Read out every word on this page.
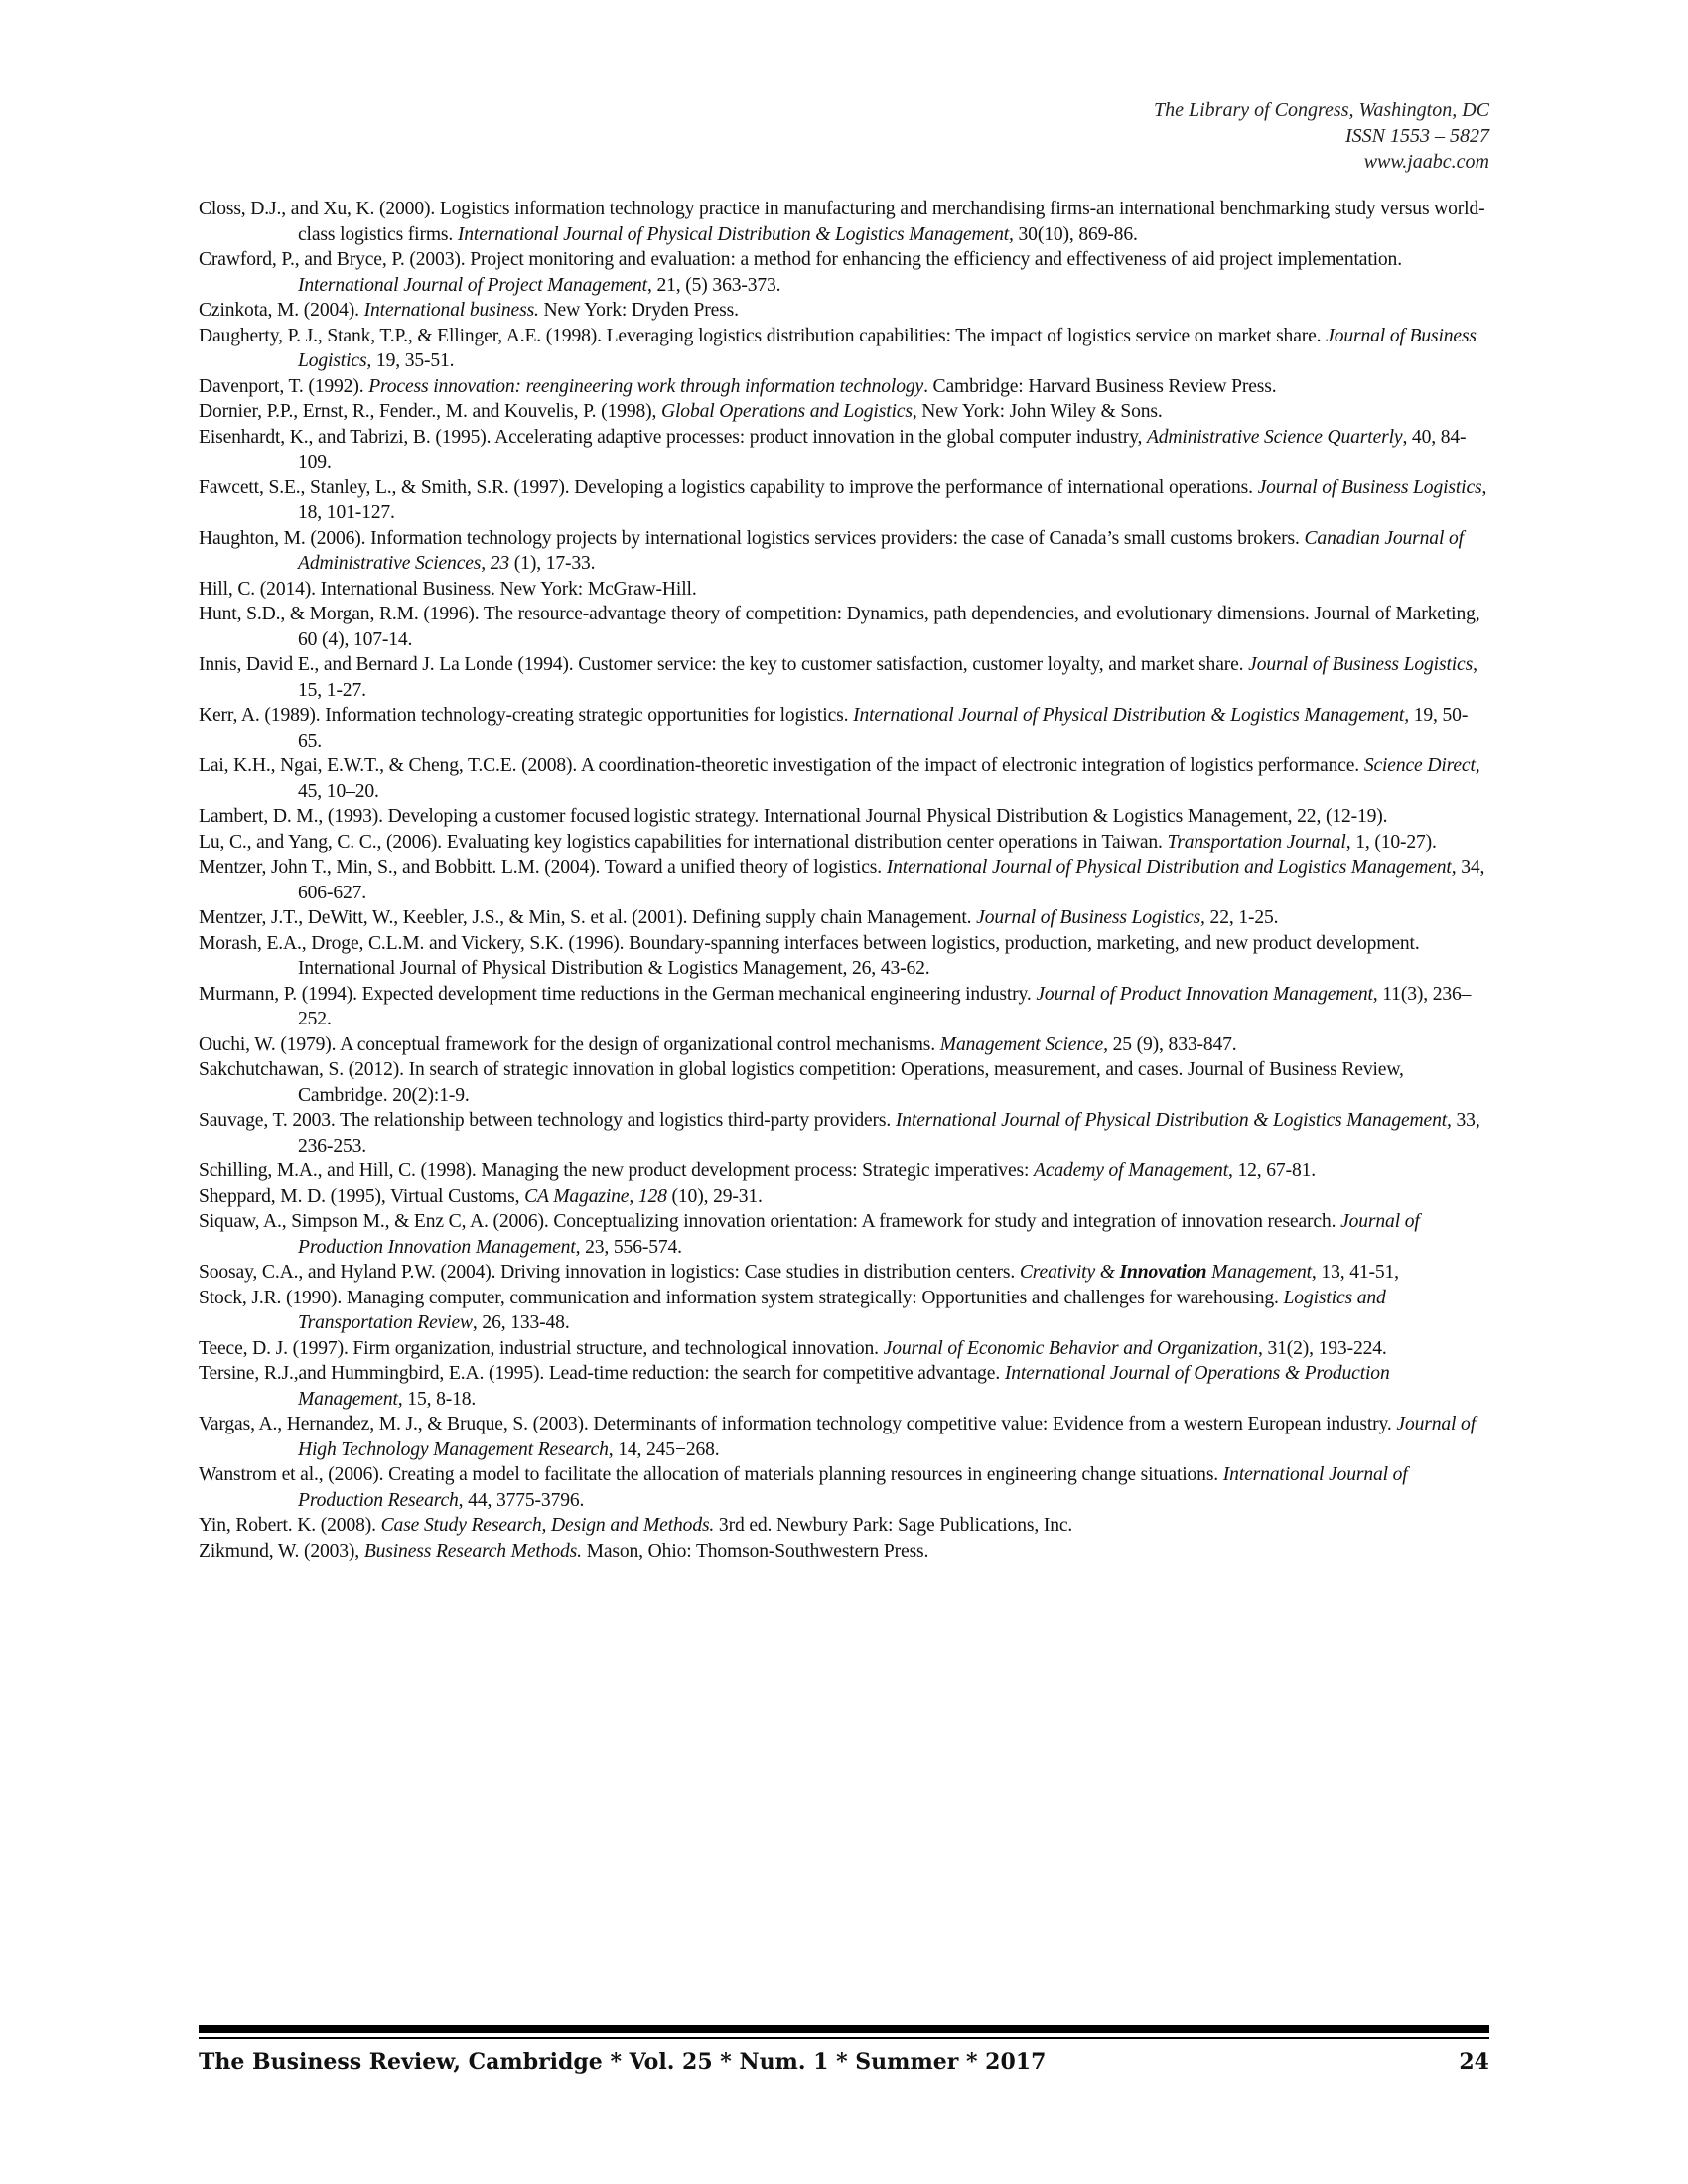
The Library of Congress, Washington, DC
ISSN 1553 – 5827
www.jaabc.com

Closs, D.J., and Xu, K. (2000). Logistics information technology practice in manufacturing and merchandising firms-an international benchmarking study versus world-class logistics firms. International Journal of Physical Distribution & Logistics Management, 30(10), 869-86.

Crawford, P., and Bryce, P. (2003). Project monitoring and evaluation: a method for enhancing the efficiency and effectiveness of aid project implementation. International Journal of Project Management, 21, (5) 363-373.

Czinkota, M. (2004). International business. New York: Dryden Press.

Daugherty, P. J., Stank, T.P., & Ellinger, A.E. (1998). Leveraging logistics distribution capabilities: The impact of logistics service on market share. Journal of Business Logistics, 19, 35-51.

Davenport, T. (1992). Process innovation: reengineering work through information technology. Cambridge: Harvard Business Review Press.

Dornier, P.P., Ernst, R., Fender., M. and Kouvelis, P. (1998), Global Operations and Logistics, New York: John Wiley & Sons.

Eisenhardt, K., and Tabrizi, B. (1995). Accelerating adaptive processes: product innovation in the global computer industry, Administrative Science Quarterly, 40, 84-109.

Fawcett, S.E., Stanley, L., & Smith, S.R. (1997). Developing a logistics capability to improve the performance of international operations. Journal of Business Logistics, 18, 101-127.

Haughton, M. (2006). Information technology projects by international logistics services providers: the case of Canada’s small customs brokers. Canadian Journal of Administrative Sciences, 23 (1), 17-33.

Hill, C. (2014). International Business. New York: McGraw-Hill.

Hunt, S.D., & Morgan, R.M. (1996). The resource-advantage theory of competition: Dynamics, path dependencies, and evolutionary dimensions. Journal of Marketing, 60 (4), 107-14.

Innis, David E., and Bernard J. La Londe (1994). Customer service: the key to customer satisfaction, customer loyalty, and market share. Journal of Business Logistics, 15, 1-27.

Kerr, A. (1989). Information technology-creating strategic opportunities for logistics. International Journal of Physical Distribution & Logistics Management, 19, 50-65.

Lai, K.H., Ngai, E.W.T., & Cheng, T.C.E. (2008). A coordination-theoretic investigation of the impact of electronic integration of logistics performance. Science Direct, 45, 10–20.

Lambert, D. M., (1993). Developing a customer focused logistic strategy. International Journal Physical Distribution & Logistics Management, 22, (12-19).

Lu, C., and Yang, C. C., (2006). Evaluating key logistics capabilities for international distribution center operations in Taiwan. Transportation Journal, 1, (10-27).

Mentzer, John T., Min, S., and Bobbitt. L.M. (2004). Toward a unified theory of logistics. International Journal of Physical Distribution and Logistics Management, 34, 606-627.

Mentzer, J.T., DeWitt, W., Keebler, J.S., & Min, S. et al. (2001). Defining supply chain Management. Journal of Business Logistics, 22, 1-25.

Morash, E.A., Droge, C.L.M. and Vickery, S.K. (1996). Boundary-spanning interfaces between logistics, production, marketing, and new product development. International Journal of Physical Distribution & Logistics Management, 26, 43-62.

Murmann, P. (1994). Expected development time reductions in the German mechanical engineering industry. Journal of Product Innovation Management, 11(3), 236–252.

Ouchi, W. (1979). A conceptual framework for the design of organizational control mechanisms. Management Science, 25 (9), 833-847.

Sakchutchawan, S. (2012). In search of strategic innovation in global logistics competition: Operations, measurement, and cases. Journal of Business Review, Cambridge. 20(2):1-9.

Sauvage, T. 2003. The relationship between technology and logistics third-party providers. International Journal of Physical Distribution & Logistics Management, 33, 236-253.

Schilling, M.A., and Hill, C. (1998). Managing the new product development process: Strategic imperatives: Academy of Management, 12, 67-81.

Sheppard, M. D. (1995), Virtual Customs, CA Magazine, 128 (10), 29-31.

Siquaw, A., Simpson M., & Enz C, A. (2006). Conceptualizing innovation orientation: A framework for study and integration of innovation research. Journal of Production Innovation Management, 23, 556-574.

Soosay, C.A., and Hyland P.W. (2004). Driving innovation in logistics: Case studies in distribution centers. Creativity & Innovation Management, 13, 41-51,

Stock, J.R. (1990). Managing computer, communication and information system strategically: Opportunities and challenges for warehousing. Logistics and Transportation Review, 26, 133-48.

Teece, D. J. (1997). Firm organization, industrial structure, and technological innovation. Journal of Economic Behavior and Organization, 31(2), 193-224.

Tersine, R.J.,and Hummingbird, E.A. (1995). Lead-time reduction: the search for competitive advantage. International Journal of Operations & Production Management, 15, 8-18.

Vargas, A., Hernandez, M. J., & Bruque, S. (2003). Determinants of information technology competitive value: Evidence from a western European industry. Journal of High Technology Management Research, 14, 245−268.

Wanstrom et al., (2006). Creating a model to facilitate the allocation of materials planning resources in engineering change situations. International Journal of Production Research, 44, 3775-3796.

Yin, Robert. K. (2008). Case Study Research, Design and Methods. 3rd ed. Newbury Park: Sage Publications, Inc.

Zikmund, W. (2003), Business Research Methods. Mason, Ohio: Thomson-Southwestern Press.

The Business Review, Cambridge * Vol. 25 * Num. 1 * Summer * 2017	24
